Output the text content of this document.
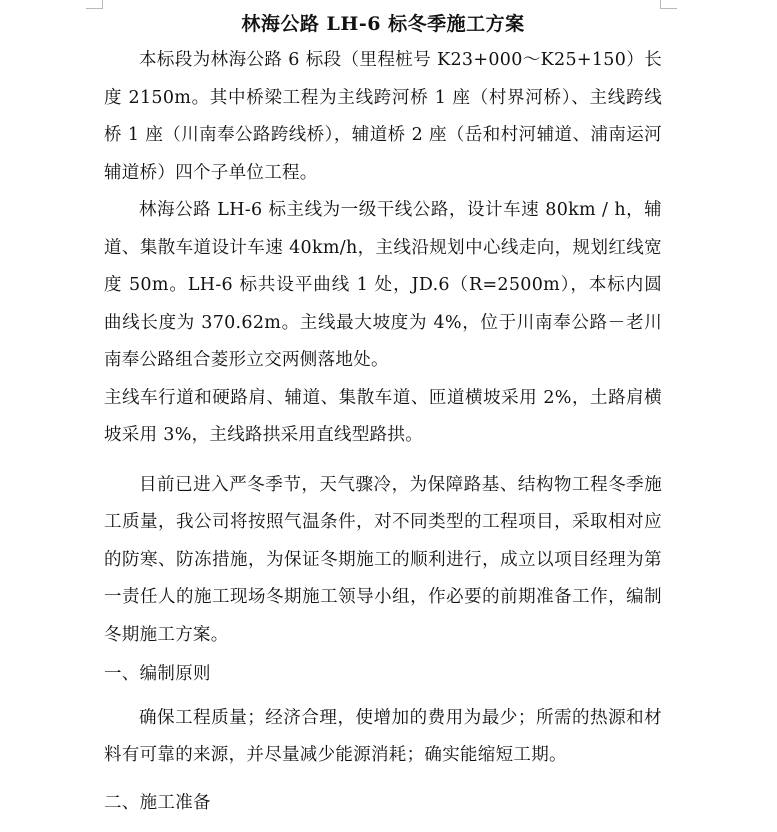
林海公路 LH-6 标冬季施工方案

本标段为林海公路 6 标段（里程桩号 K23+000～K25+150）长度 2150m。其中桥梁工程为主线跨河桥 1 座（村界河桥）、主线跨线桥 1 座（川南奉公路跨线桥），辅道桥 2 座（岳和村河辅道、浦南运河辅道桥）四个子单位工程。

林海公路 LH-6 标主线为一级干线公路，设计车速 80km / h，辅道、集散车道设计车速 40km/h，主线沿规划中心线走向，规划红线宽度 50m。LH-6 标共设平曲线 1 处，JD.6（R=2500m），本标内圆曲线长度为 370.62m。主线最大坡度为 4%，位于川南奉公路－老川南奉公路组合菱形立交两侧落地处。

主线车行道和硬路肩、辅道、集散车道、匝道横坡采用 2%，土路肩横坡采用 3%，主线路拱采用直线型路拱。

目前已进入严冬季节，天气骤冷，为保障路基、结构物工程冬季施工质量，我公司将按照气温条件，对不同类型的工程项目，采取相对应的防寒、防冻措施，为保证冬期施工的顺利进行，成立以项目经理为第一责任人的施工现场冬期施工领导小组，作必要的前期准备工作，编制冬期施工方案。

一、编制原则

确保工程质量；经济合理，使增加的费用为最少；所需的热源和材料有可靠的来源，并尽量减少能源消耗；确实能缩短工期。

二、施工准备
